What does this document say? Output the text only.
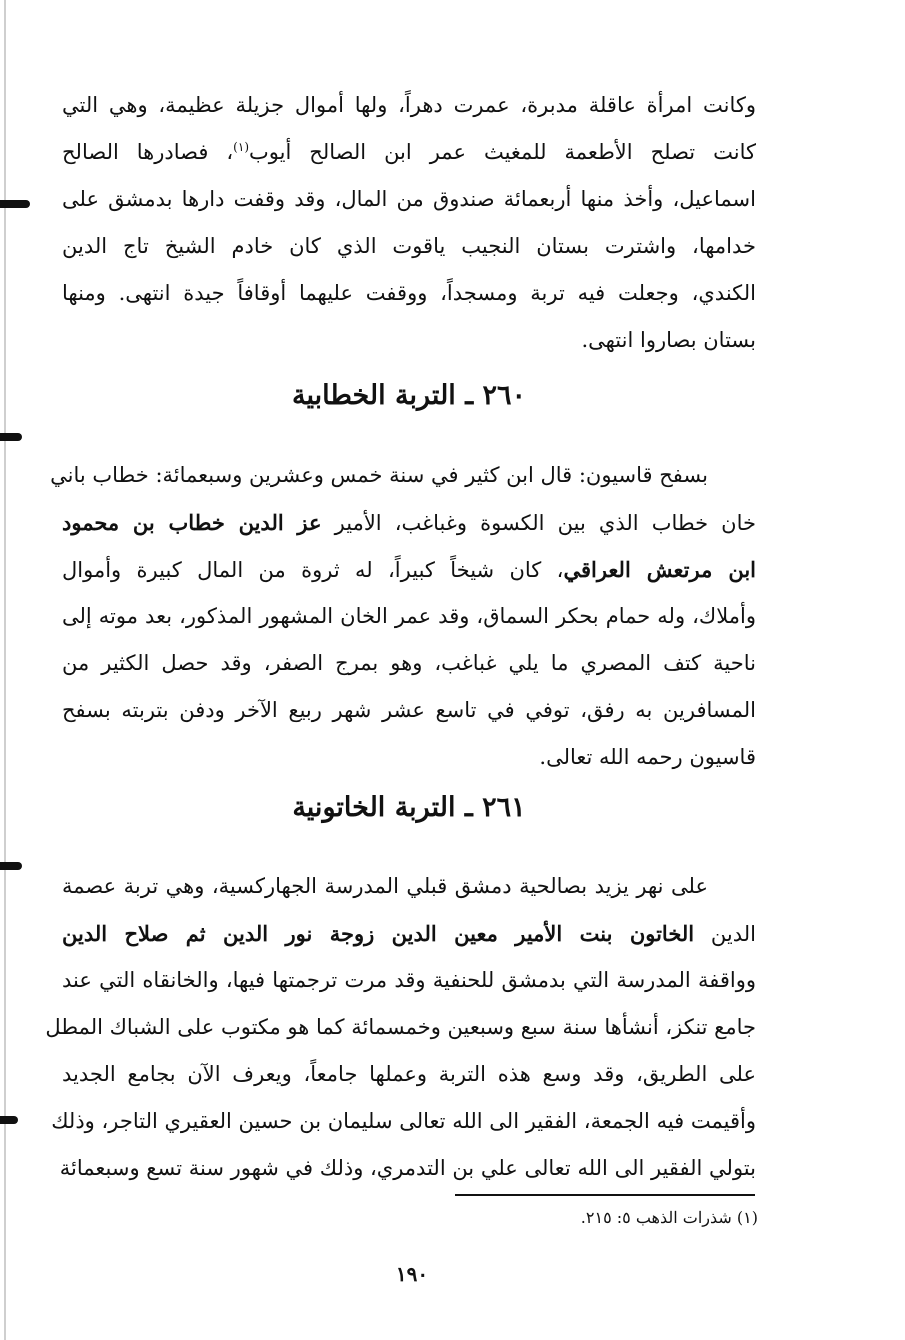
وكانت امرأة عاقلة مدبرة، عمرت دهراً، ولها أموال جزيلة عظيمة، وهي التي
كانت تصلح الأطعمة للمغيث عمر ابن الصالح أيوب$^{(١)}$، فصادرها الصالح
اسماعيل، وأخذ منها أربعمائة صندوق من المال، وقد وقفت دارها بدمشق على
خدامها، واشترت بستان النجيب ياقوت الذي كان خادم الشيخ تاج الدين
الكندي، وجعلت فيه تربة ومسجداً، ووقفت عليهما أوقافاً جيدة انتهى. ومنها
بستان بصاروا انتهى.
٢٦٠ ـ التربة الخطابية
بسفح قاسيون: قال ابن كثير في سنة خمس وعشرين وسبعمائة: خطاب باني
خان خطاب الذي بين الكسوة وغباغب، الأمير عز الدين خطاب بن محمود
ابن مرتعش العراقي، كان شيخاً كبيراً، له ثروة من المال كبيرة وأموال
وأملاك، وله حمام بحكر السماق، وقد عمر الخان المشهور المذكور، بعد موته إلى
ناحية كتف المصري ما يلي غباغب، وهو بمرج الصفر، وقد حصل الكثير من
المسافرين به رفق، توفي في تاسع عشر شهر ربيع الآخر ودفن بتربته بسفح
قاسيون رحمه الله تعالى.
٢٦١ ـ التربة الخاتونية
على نهر يزيد بصالحية دمشق قبلي المدرسة الجهاركسية، وهي تربة عصمة
الدين الخاتون بنت الأمير معين الدين زوجة نور الدين ثم صلاح الدين
وواقفة المدرسة التي بدمشق للحنفية وقد مرت ترجمتها فيها، والخانقاه التي عند
جامع تنكز، أنشأها سنة سبع وسبعين وخمسمائة كما هو مكتوب على الشباك المطل
على الطريق، وقد وسع هذه التربة وعملها جامعاً، ويعرف الآن بجامع الجديد
وأقيمت فيه الجمعة، الفقير الى الله تعالى سليمان بن حسين العقيري التاجر، وذلك
بتولي الفقير الى الله تعالى علي بن التدمري، وذلك في شهور سنة تسع وسبعمائة
(١) شذرات الذهب ٥: ٢١٥.
١٩٠
